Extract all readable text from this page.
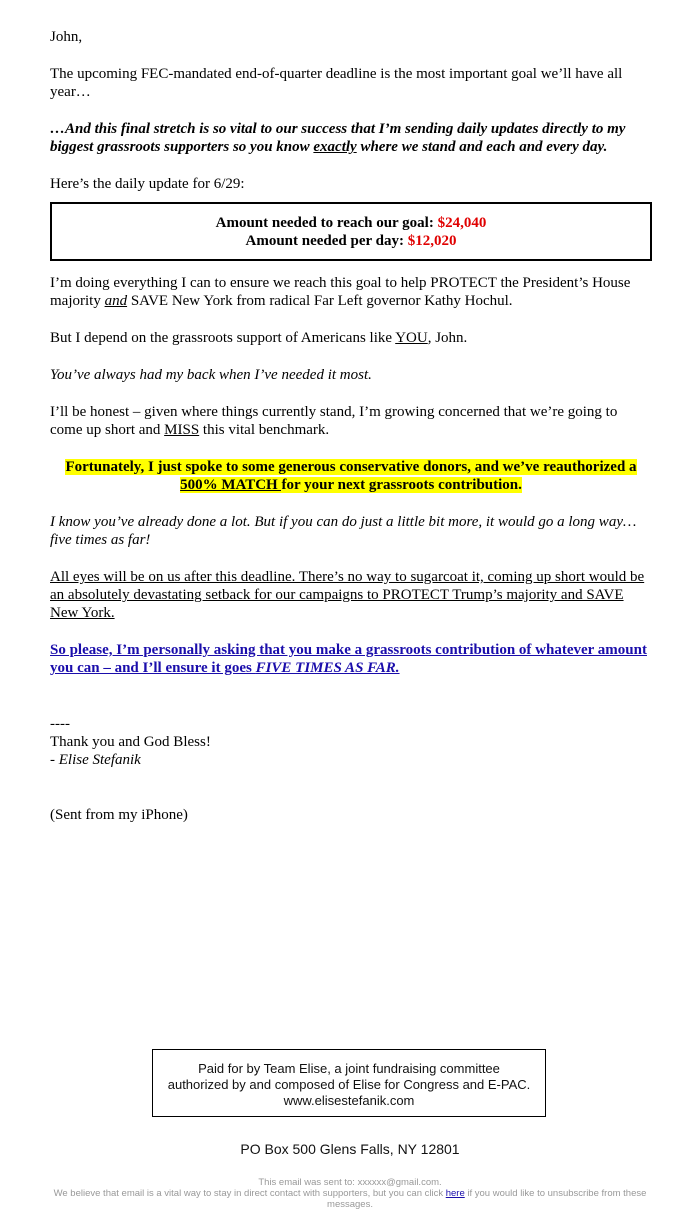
John,

The upcoming FEC-mandated end-of-quarter deadline is the most important goal we’ll have all year…

…And this final stretch is so vital to our success that I’m sending daily updates directly to my biggest grassroots supporters so you know exactly where we stand and each and every day.

Here’s the daily update for 6/29:

Amount needed to reach our goal: $24,040
Amount needed per day: $12,020

I’m doing everything I can to ensure we reach this goal to help PROTECT the President’s House majority and SAVE New York from radical Far Left governor Kathy Hochul.

But I depend on the grassroots support of Americans like YOU, John.

You’ve always had my back when I’ve needed it most.

I’ll be honest – given where things currently stand, I’m growing concerned that we’re going to come up short and MISS this vital benchmark.

Fortunately, I just spoke to some generous conservative donors, and we’ve reauthorized a 500% MATCH for your next grassroots contribution.

I know you’ve already done a lot. But if you can do just a little bit more, it would go a long way… five times as far!

All eyes will be on us after this deadline. There’s no way to sugarcoat it, coming up short would be an absolutely devastating setback for our campaigns to PROTECT Trump’s majority and SAVE New York.

So please, I’m personally asking that you make a grassroots contribution of whatever amount you can – and I’ll ensure it goes FIVE TIMES AS FAR.

----
Thank you and God Bless!
- Elise Stefanik
(Sent from my iPhone)
Paid for by Team Elise, a joint fundraising committee authorized by and composed of Elise for Congress and E-PAC. www.elisestefanik.com
PO Box 500 Glens Falls, NY 12801
This email was sent to: xxxxxx@gmail.com.
We believe that email is a vital way to stay in direct contact with supporters, but you can click here if you would like to unsubscribe from these messages.
